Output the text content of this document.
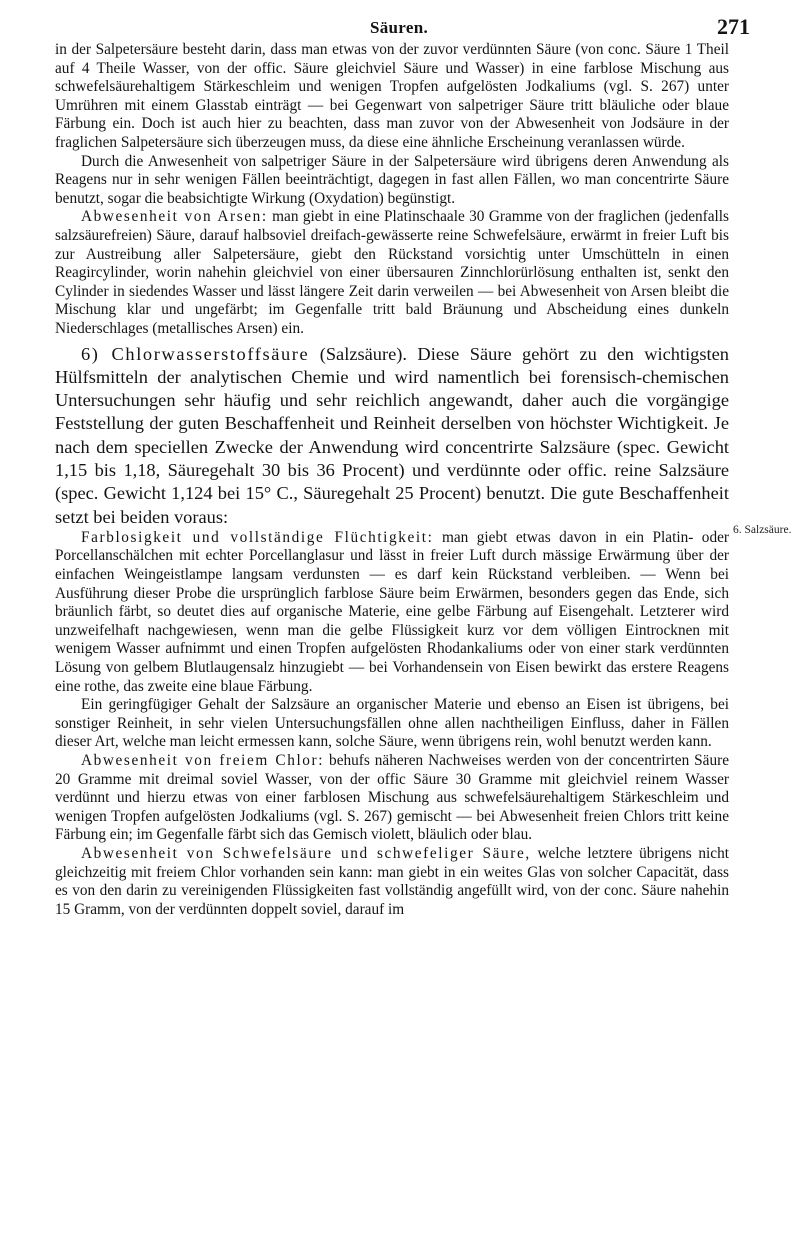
Säuren.	271
6. Salzsäure.

in der Salpetersäure besteht darin, dass man etwas von der zuvor verdünnten Säure (von conc. Säure 1 Theil auf 4 Theile Wasser, von der offic. Säure gleichviel Säure und Wasser) in eine farblose Mischung aus schwefelsäurehaltigem Stärkeschleim und wenigen Tropfen aufgelösten Jodkaliums (vgl. S. 267) unter Umrühren mit einem Glasstab einträgt — bei Gegenwart von salpetriger Säure tritt bläuliche oder blaue Färbung ein. Doch ist auch hier zu beachten, dass man zuvor von der Abwesenheit von Jodsäure in der fraglichen Salpetersäure sich überzeugen muss, da diese eine ähnliche Erscheinung veranlassen würde.

Durch die Anwesenheit von salpetriger Säure in der Salpetersäure wird übrigens deren Anwendung als Reagens nur in sehr wenigen Fällen beeinträchtigt, dagegen in fast allen Fällen, wo man concentrirte Säure benutzt, sogar die beabsichtigte Wirkung (Oxydation) begünstigt.

Abwesenheit von Arsen: man giebt in eine Platinschaale 30 Gramme von der fraglichen (jedenfalls salzsäurefreien) Säure, darauf halbsoviel dreifach-gewässerte reine Schwefelsäure, erwärmt in freier Luft bis zur Austreibung aller Salpetersäure, giebt den Rückstand vorsichtig unter Umschütteln in einen Reagircylinder, worin nahehin gleichviel von einer übersauren Zinnchlorürlösung enthalten ist, senkt den Cylinder in siedendes Wasser und lässt längere Zeit darin verweilen — bei Abwesenheit von Arsen bleibt die Mischung klar und ungefärbt; im Gegenfalle tritt bald Bräunung und Abscheidung eines dunkeln Niederschlages (metallisches Arsen) ein.

6) Chlorwasserstoffsäure (Salzsäure). Diese Säure gehört zu den wichtigsten Hülfsmitteln der analytischen Chemie und wird namentlich bei forensisch-chemischen Untersuchungen sehr häufig und sehr reichlich angewandt, daher auch die vorgängige Feststellung der guten Beschaffenheit und Reinheit derselben von höchster Wichtigkeit. Je nach dem speciellen Zwecke der Anwendung wird concentrirte Salzsäure (spec. Gewicht 1,15 bis 1,18, Säuregehalt 30 bis 36 Procent) und verdünnte oder offic. reine Salzsäure (spec. Gewicht 1,124 bei 15° C., Säuregehalt 25 Procent) benutzt. Die gute Beschaffenheit setzt bei beiden voraus:

Farblosigkeit und vollständige Flüchtigkeit: man giebt etwas davon in ein Platin- oder Porcellanschälchen mit echter Porcellanglasur und lässt in freier Luft durch mässige Erwärmung über der einfachen Weingeistlampe langsam verdunsten — es darf kein Rückstand verbleiben. — Wenn bei Ausführung dieser Probe die ursprünglich farblose Säure beim Erwärmen, besonders gegen das Ende, sich bräunlich färbt, so deutet dies auf organische Materie, eine gelbe Färbung auf Eisengehalt. Letzterer wird unzweifelhaft nachgewiesen, wenn man die gelbe Flüssigkeit kurz vor dem völligen Eintrocknen mit wenigem Wasser aufnimmt und einen Tropfen aufgelösten Rhodankaliums oder von einer stark verdünnten Lösung von gelbem Blutlaugensalz hinzugiebt — bei Vorhandensein von Eisen bewirkt das erstere Reagens eine rothe, das zweite eine blaue Färbung.

Ein geringfügiger Gehalt der Salzsäure an organischer Materie und ebenso an Eisen ist übrigens, bei sonstiger Reinheit, in sehr vielen Untersuchungsfällen ohne allen nachtheiligen Einfluss, daher in Fällen dieser Art, welche man leicht ermessen kann, solche Säure, wenn übrigens rein, wohl benutzt werden kann.

Abwesenheit von freiem Chlor: behufs näheren Nachweises werden von der concentrirten Säure 20 Gramme mit dreimal soviel Wasser, von der offic Säure 30 Gramme mit gleichviel reinem Wasser verdünnt und hierzu etwas von einer farblosen Mischung aus schwefelsäurehaltigem Stärkeschleim und wenigen Tropfen aufgelösten Jodkaliums (vgl. S. 267) gemischt — bei Abwesenheit freien Chlors tritt keine Färbung ein; im Gegenfalle färbt sich das Gemisch violett, bläulich oder blau.

Abwesenheit von Schwefelsäure und schwefeliger Säure, welche letztere übrigens nicht gleichzeitig mit freiem Chlor vorhanden sein kann: man giebt in ein weites Glas von solcher Capacität, dass es von den darin zu vereinigenden Flüssigkeiten fast vollständig angefüllt wird, von der conc. Säure nahehin 15 Gramm, von der verdünnten doppelt soviel, darauf im
